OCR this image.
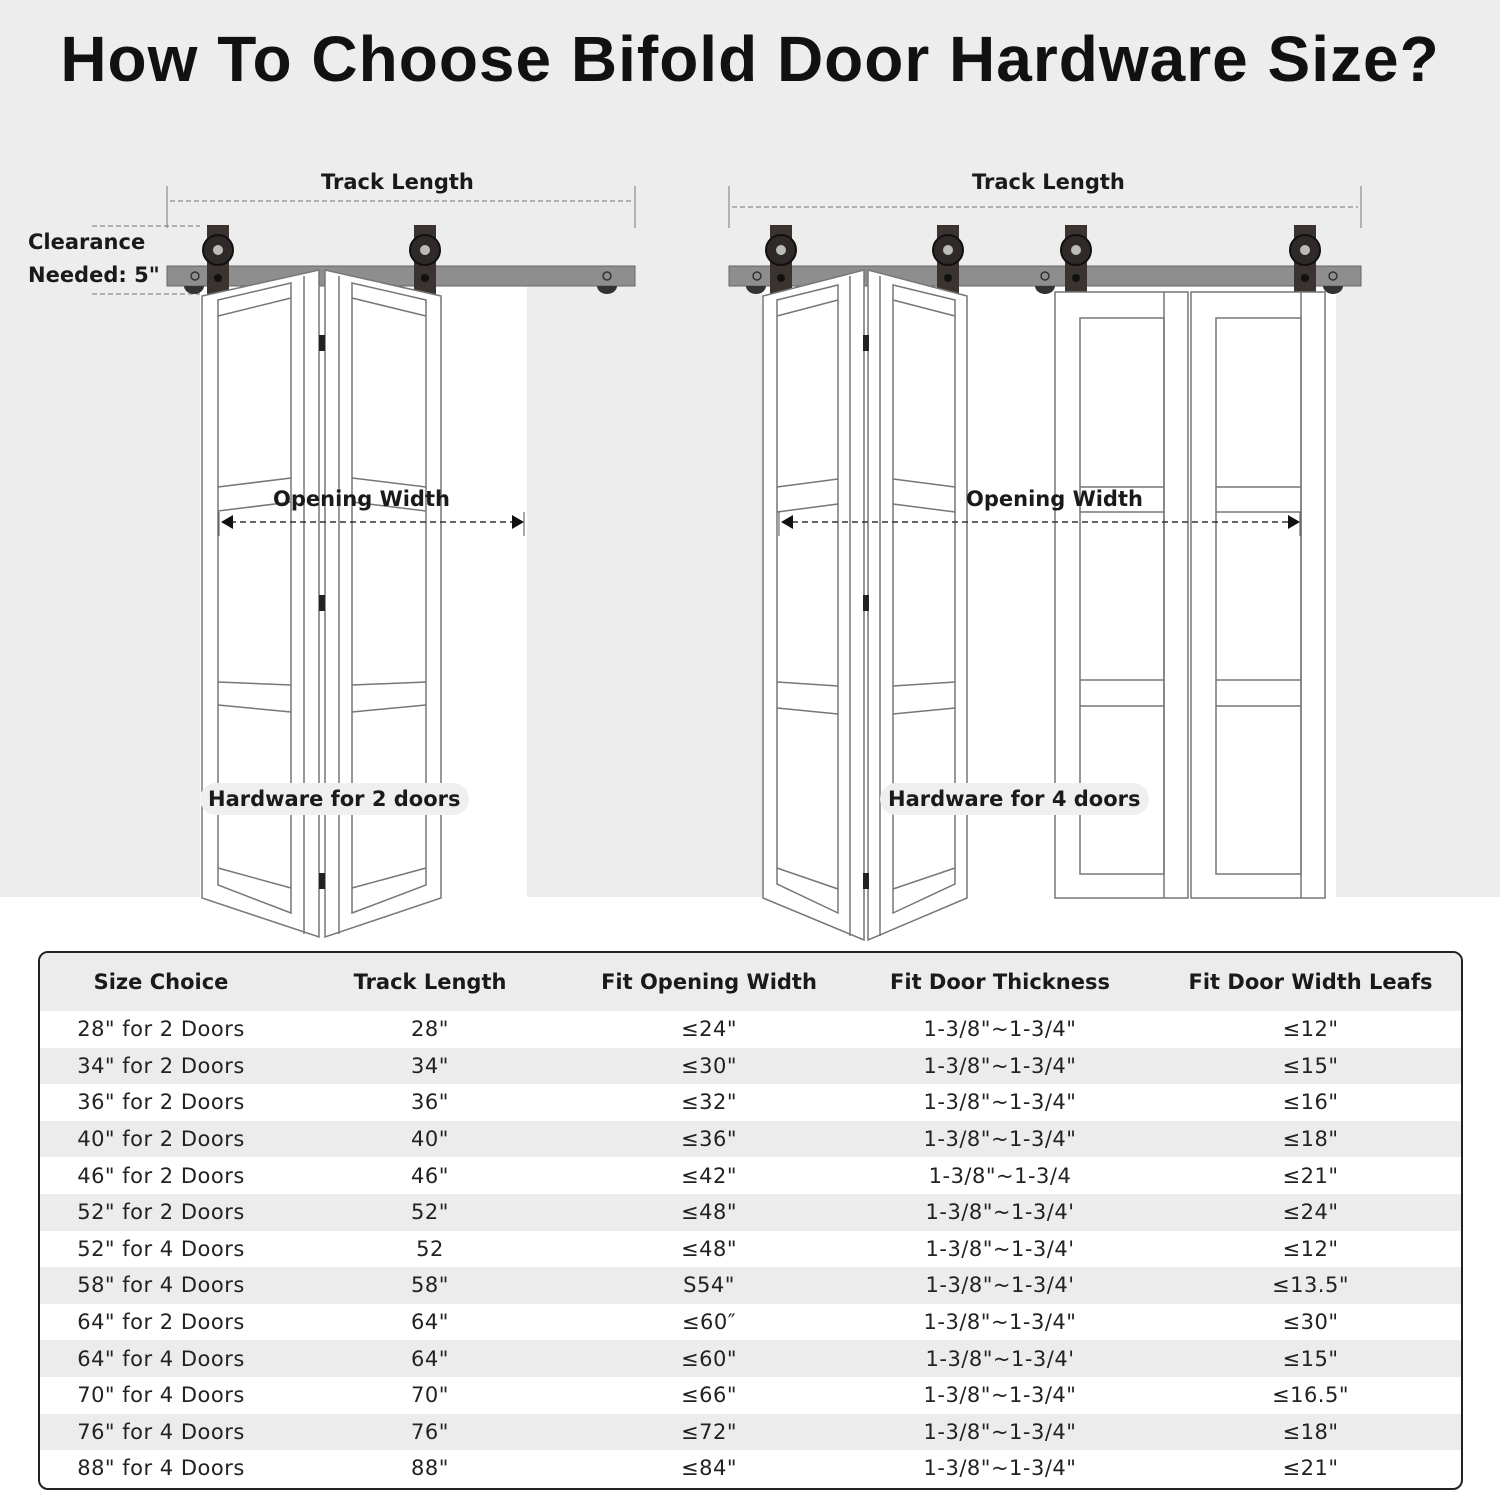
How To Choose Bifold Door Hardware Size?
Track Length
Clearance
Needed: 5"
Opening Width
Hardware for 2 doors
Track Length
Opening Width
Hardware for 4 doors
Size Choice	Track Length	Fit Opening Width	Fit Door Thickness	Fit Door Width Leafs
28" for 2 Doors	28"	≤24"	1-3/8"~1-3/4"	≤12"
34" for 2 Doors	34"	≤30"	1-3/8"~1-3/4"	≤15"
36" for 2 Doors	36"	≤32"	1-3/8"~1-3/4"	≤16"
40" for 2 Doors	40"	≤36"	1-3/8"~1-3/4"	≤18"
46" for 2 Doors	46"	≤42"	1-3/8"~1-3/4	≤21"
52" for 2 Doors	52"	≤48"	1-3/8"~1-3/4'	≤24"
52" for 4 Doors	52	≤48"	1-3/8"~1-3/4'	≤12"
58" for 4 Doors	58"	S54"	1-3/8"~1-3/4'	≤13.5"
64" for 2 Doors	64"	≤60″	1-3/8"~1-3/4"	≤30"
64" for 4 Doors	64"	≤60"	1-3/8"~1-3/4'	≤15"
70" for 4 Doors	70"	≤66"	1-3/8"~1-3/4"	≤16.5"
76" for 4 Doors	76"	≤72"	1-3/8"~1-3/4"	≤18"
88" for 4 Doors	88"	≤84"	1-3/8"~1-3/4"	≤21"
